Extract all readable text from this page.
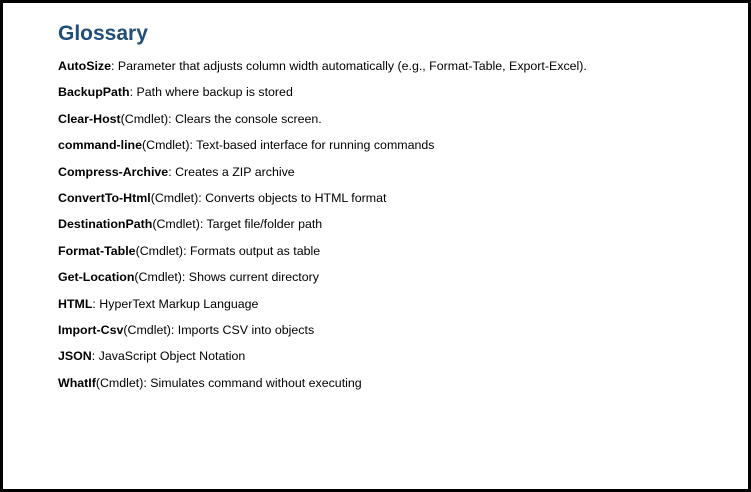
Glossary
AutoSize: Parameter that adjusts column width automatically (e.g., Format-Table, Export-Excel).
BackupPath: Path where backup is stored
Clear-Host(Cmdlet): Clears the console screen.
command-line(Cmdlet): Text-based interface for running commands
Compress-Archive: Creates a ZIP archive
ConvertTo-Html(Cmdlet): Converts objects to HTML format
DestinationPath(Cmdlet): Target file/folder path
Format-Table(Cmdlet): Formats output as table
Get-Location(Cmdlet): Shows current directory
HTML: HyperText Markup Language
Import-Csv(Cmdlet): Imports CSV into objects
JSON: JavaScript Object Notation
WhatIf(Cmdlet): Simulates command without executing
